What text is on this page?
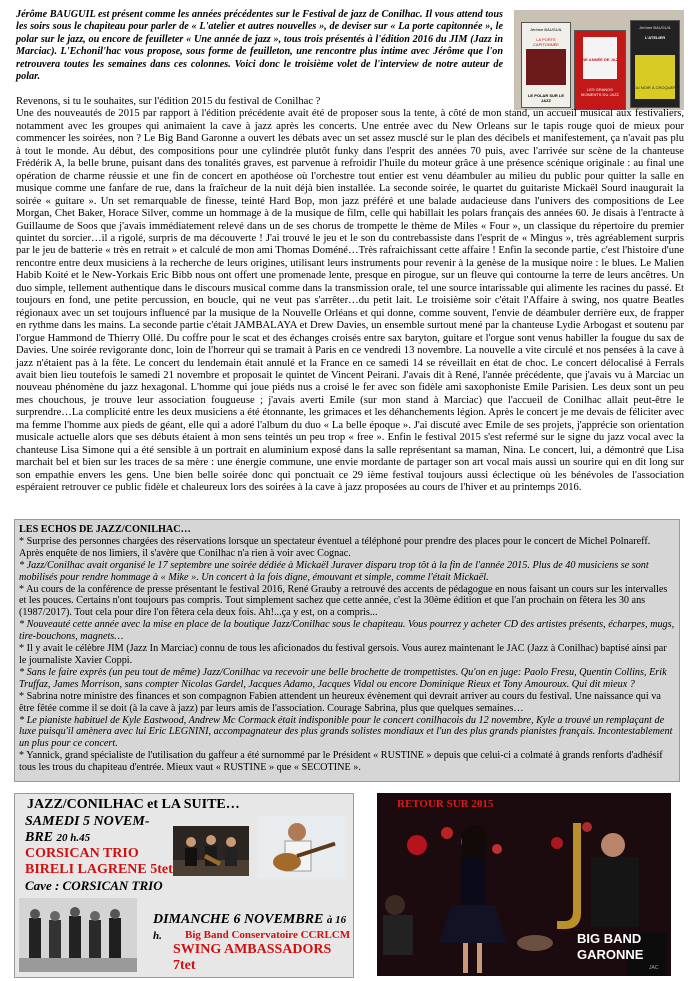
Jérôme BAUGUIL est présent comme les années précédentes sur le Festival de jazz de Conilhac. Il vous attend tous les soirs sous le chapiteau pour parler de « L'atelier et autres nouvelles », de deviser sur « La porte capitonnée », le polar sur le jazz, ou encore de feuilleter « Une année de jazz », tous trois présentés à l'édition 2016 du JIM (Jazz in Marciac). L'Echonil'hac vous propose, sous forme de feuilleton, une rencontre plus intime avec Jérôme que l'on retrouvera toutes les semaines dans ces colonnes. Voici donc le troisième volet de l'interview de notre auteur de polar.

Jérôme BAUGUIL
LA PORTE CAPITONNÉE
LE POLAR SUR LE JAZZ
UNE ANNÉE DE JAZZ
LES GRANDS MOMENTS DU JAZZ
Jérôme BAUGUIL
L'ATELIER
DU NOIR À CROQUER
Revenons, si tu le souhaites, sur l'édition 2015 du festival de Conilhac ?
Une des nouveautés de 2015 par rapport à l'édition précédente avait été de proposer sous la tente, à côté de mon stand, un accueil musical aux festivaliers, notamment avec les groupes qui animaient la cave à jazz après les concerts. Une entrée avec du New Orleans sur le tapis rouge quoi de mieux pour commencer les soirées, non ? Le Big Band Garonne a ouvert les débats avec un set assez musclé sur le plan des décibels et manifestement, ça n'avait pas plu à tout le monde. Au début, des compositions pour une cylindrée plutôt funky dans l'esprit des années 70 puis, avec l'arrivée sur scène de la chanteuse Frédérik A, la belle brune, puisant dans des tonalités graves, est parvenue à refroidir l'huile du moteur grâce à une présence scénique originale : au final une opération de charme réussie et une fin de concert en apothéose où l'orchestre tout entier est venu déambuler au milieu du public pour quitter la salle en musique comme une fanfare de rue, dans la fraîcheur de la nuit déjà bien installée. La seconde soirée, le quartet du guitariste Mickaël Sourd inaugurait la soirée « guitare ». Un set remarquable de finesse, teinté Hard Bop, mon jazz préféré et une balade audacieuse dans l'univers des compositions de Lee Morgan, Chet Baker, Horace Silver, comme un hommage à de la musique de film, celle qui habillait les polars français des années 60. Je disais à l'entracte à Guillaume de Soos que j'avais immédiatement relevé dans un de ses chorus de trompette le thème de Miles « Four », un classique du répertoire du premier quintet du sorcier…il a rigolé, surpris de ma découverte ! J'ai trouvé le jeu et le son du contrebassiste dans l'esprit de « Mingus », très agréablement surpris par le jeu de batterie « très en retrait » et calculé de mon ami Thomas Doméné…Très rafraichissant cette affaire ! Enfin la seconde partie, c'est l'histoire d'une rencontre entre deux musiciens à la recherche de leurs origines, utilisant leurs instruments pour revenir à la genèse de la musique noire : le blues. Le Malien Habib Koité et le New-Yorkais Eric Bibb nous ont offert une promenade lente, presque en pirogue, sur un fleuve qui contourne la terre de leurs ancêtres. Un duo simple, tellement authentique dans le discours musical comme dans la transmission orale, tel une source intarissable qui alimente les racines du passé. Et toujours en fond, une petite percussion, en boucle, qui ne veut pas s'arrêter…du petit lait. Le troisième soir c'était l'Affaire à swing, nos quatre Beatles régionaux avec un set toujours influencé par la musique de la Nouvelle Orléans et qui donne, comme souvent, l'envie de déambuler derrière eux, de frapper en rythme dans les mains. La seconde partie c'était JAMBALAYA et Drew Davies, un ensemble surtout mené par la chanteuse Lydie Arbogast et soutenu par l'orgue Hammond de Thierry Ollé. Du coffre pour le scat et des échanges croisés entre sax baryton, guitare et l'orgue sont venus habiller la fougue du sax de Davies. Une soirée revigorante donc, loin de l'horreur qui se tramait à Paris en ce vendredi 13 novembre. La nouvelle a vite circulé et nos pensées à la cave à jazz n'étaient pas à la fête. Le concert du lendemain était annulé et la France en ce samedi 14 se réveillait en état de choc. Le concert délocalisé à Ferrals avait bien lieu toutefois le samedi 21 novembre et proposait le quintet de Vincent Peirani. J'avais dit à René, l'année précédente, que j'avais vu à Marciac un nouveau phénomène du jazz hexagonal. L'homme qui joue piéds nus a croisé le fer avec son fidèle ami saxophoniste Emile Parisien. Les deux sont un peu mes chouchous, je trouve leur association fougueuse ; j'avais averti Emile (sur mon stand à Marciac) que l'accueil de Conilhac allait peut-être le surprendre…La complicité entre les deux musiciens a été étonnante, les grimaces et les déhanchements légion. Après le concert je me devais de féliciter avec ma femme l'homme aux pieds de géant, elle qui a adoré l'album du duo « La belle époque ». J'ai discuté avec Emile de ses projets, j'apprécie son orientation musicale actuelle alors que ses débuts étaient à mon sens teintés un peu trop « free ». Enfin le festival 2015 s'est refermé sur le signe du jazz vocal avec la chanteuse Lisa Simone qui a été sensible à un portrait en aluminium exposé dans la salle représentant sa maman, Nina. Le concert, lui, a démontré que Lisa marchait bel et bien sur les traces de sa mère : une énergie commune, une envie mordante de partager son art vocal mais aussi un sourire qui en dit long sur son empathie envers les gens. Une bien belle soirée donc qui ponctuait ce 29 ième festival toujours aussi éclectique où les bénévoles de l'association espéraient retrouver ce public fidèle et chaleureux lors des soirées à la cave à jazz proposées au cours de l'hiver et au printemps 2016.

LES ECHOS DE JAZZ/CONILHAC…

* Surprise des personnes chargées des réservations lorsque un spectateur éventuel a téléphoné pour prendre des places pour le concert de Michel Polnareff. Après enquête de nos limiers, il s'avère que Conilhac n'a rien à voir avec Cognac.

* Jazz/Conilhac avait organisé le 17 septembre une soirée dédiée à Mickaël Juraver disparu trop tôt à la fin de l'année 2015. Plus de 40 musiciens se sont mobilisés pour rendre hommage à « Mike ». Un concert à la fois digne, émouvant et simple, comme l'était Mickaël.

* Au cours de la conférence de presse présentant le festival 2016, René Grauby a retrouvé des accents de pédagogue en nous faisant un cours sur les intervalles et les pouces. Certains n'ont toujours pas compris. Tout simplement sachez que cette année, c'est la 30ème édition et que l'an prochain on fêtera les 30 ans (1987/2017). Tout cela pour dire l'on fêtera cela deux fois. Ah!...ça y est, on a compris...

* Nouveauté cette année avec la mise en place de la boutique Jazz/Conilhac sous le chapiteau. Vous pourrez y acheter CD des artistes présents, écharpes, mugs, tire-bouchons, magnets…

* Il y avait le célèbre JIM (Jazz In Marciac) connu de tous les aficionados du festival gersois. Vous aurez maintenant le JAC (Jazz à Conilhac) baptisé ainsi par le journaliste Xavier Coppi.

* Sans le faire exprès (un peu tout de même) Jazz/Conilhac va recevoir une belle brochette de trompettistes. Qu'on en juge: Paolo Fresu, Quentin Collins, Erik Truffaz, James Morrison, sans compter Nicolas Gardel, Jacques Adamo, Jacques Vidal ou encore Dominique Rieux et Tony Amouroux. Qui dit mieux ?

* Sabrina notre ministre des finances et son compagnon Fabien attendent un heureux évènement qui devrait arriver au cours du festival. Une naissance qui va être fêtée comme il se doit (à la cave à jazz) par leurs amis de l'association. Courage Sabrina, plus que quelques semaines…

* Le pianiste habituel de Kyle Eastwood, Andrew Mc Cormack était indisponible pour le concert conilhacois du 12 novembre, Kyle a trouvé un remplaçant de luxe puisqu'il amènera avec lui Eric LEGNINI, accompagnateur des plus grands solistes mondiaux et l'un des plus grands pianistes français. Incontestablement un plus pour ce concert.

* Yannick, grand spécialiste de l'utilisation du gaffeur a été surnommé par le Président « RUSTINE » depuis que celui-ci a colmaté à grands renforts d'adhésif tous les trous du chapiteau d'entrée. Mieux vaut « RUSTINE » que « SECOTINE ».

JAZZ/CONILHAC et LA SUITE…
SAMEDI 5 NOVEM-
BRE 20 h.45
CORSICAN TRIO
BIRELI LAGRENE 5tet
Cave : CORSICAN TRIO
DIMANCHE 6 NOVEMBRE à 16 h.	Big Band Conservatoire CCRLCM
SWING AMBASSADORS 7tet
RETOUR SUR 2015
BIG BAND
GARONNE
JAC
